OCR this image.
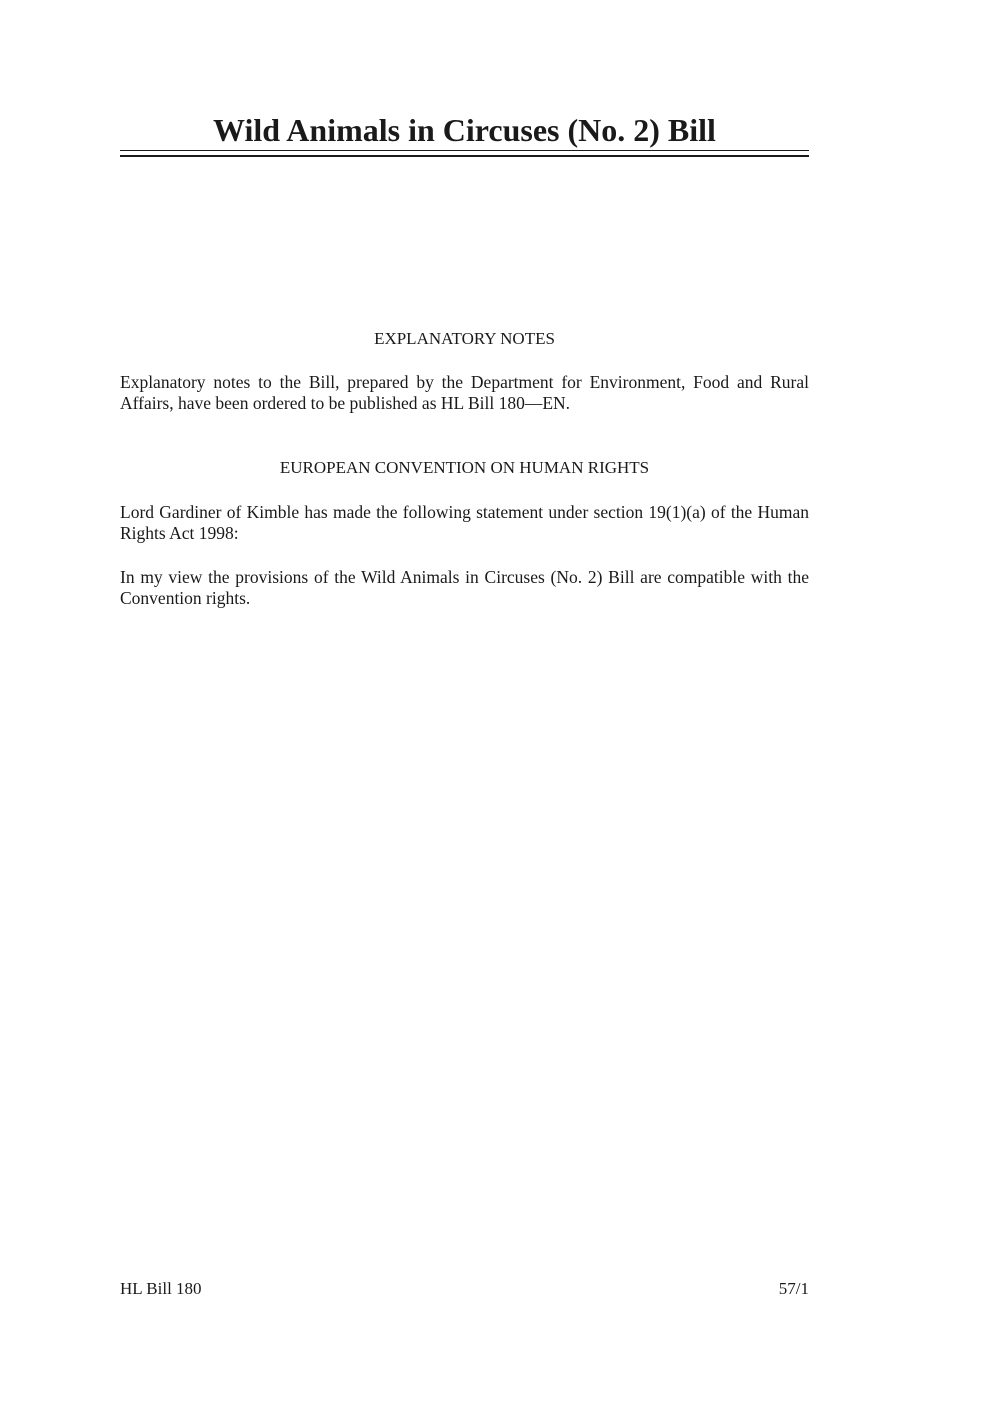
Wild Animals in Circuses (No. 2) Bill
EXPLANATORY NOTES

Explanatory notes to the Bill, prepared by the Department for Environment, Food and Rural Affairs, have been ordered to be published as HL Bill 180—EN.

EUROPEAN CONVENTION ON HUMAN RIGHTS

Lord Gardiner of Kimble has made the following statement under section 19(1)(a) of the Human Rights Act 1998:

In my view the provisions of the Wild Animals in Circuses (No. 2) Bill are compatible with the Convention rights.

HL Bill 180	57/1
